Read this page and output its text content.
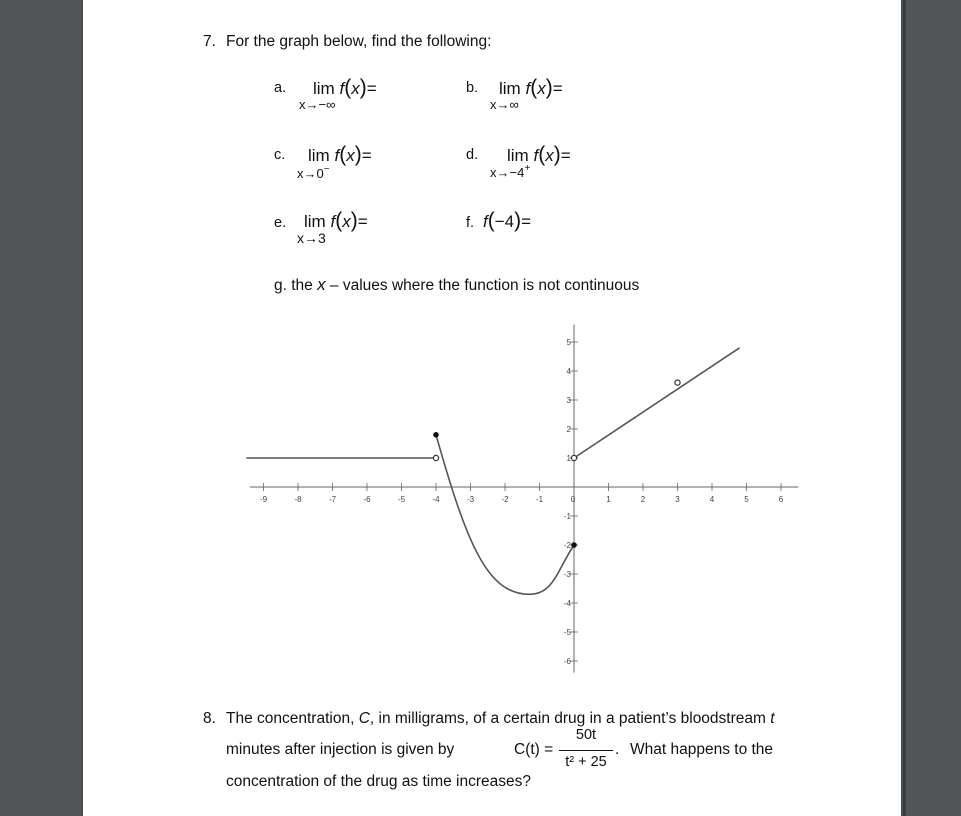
7. For the graph below, find the following:
a. lim f(x)=
x→−∞
b. lim f(x)=
x→∞
c. lim f(x)=
x→0−
d. lim f(x)=
x→−4+
e. lim f(x)=
x→3
f. f(−4)=
g. the x – values where the function is not continuous
-9	-8	-7	-6	-5	-4	-3	-2	-1	0	1	2	3	4	5	6
5
4
3
2
1
-1
-2
-3
-4
-5
-6
8. The concentration, C, in milligrams, of a certain drug in a patient’s bloodstream t
minutes after injection is given by	C(t) =
50t
t² + 25
. What happens to the
concentration of the drug as time increases?
